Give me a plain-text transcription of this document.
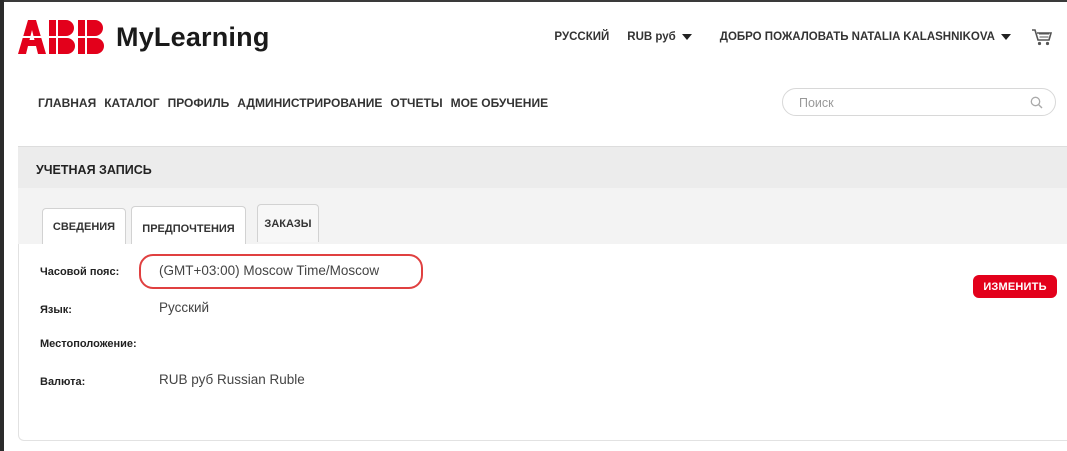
MyLearning	РУССКИЙ RUB руб	ДОБРО ПОЖАЛОВАТЬ NATALIA KALASHNIKOVA
ГЛАВНАЯ КАТАЛОГ ПРОФИЛЬ АДМИНИСТРИРОВАНИЕ ОТЧЕТЫ МОЕ ОБУЧЕНИЕ
Поиск
УЧЕТНАЯ ЗАПИСЬ
СВЕДЕНИЯ	ПРЕДПОЧТЕНИЯ	ЗАКАЗЫ
Часовой пояс:	(GMT+03:00) Moscow Time/Moscow
Язык:	Русский
Местоположение:
Валюта:	RUB руб Russian Ruble
ИЗМЕНИТЬ
